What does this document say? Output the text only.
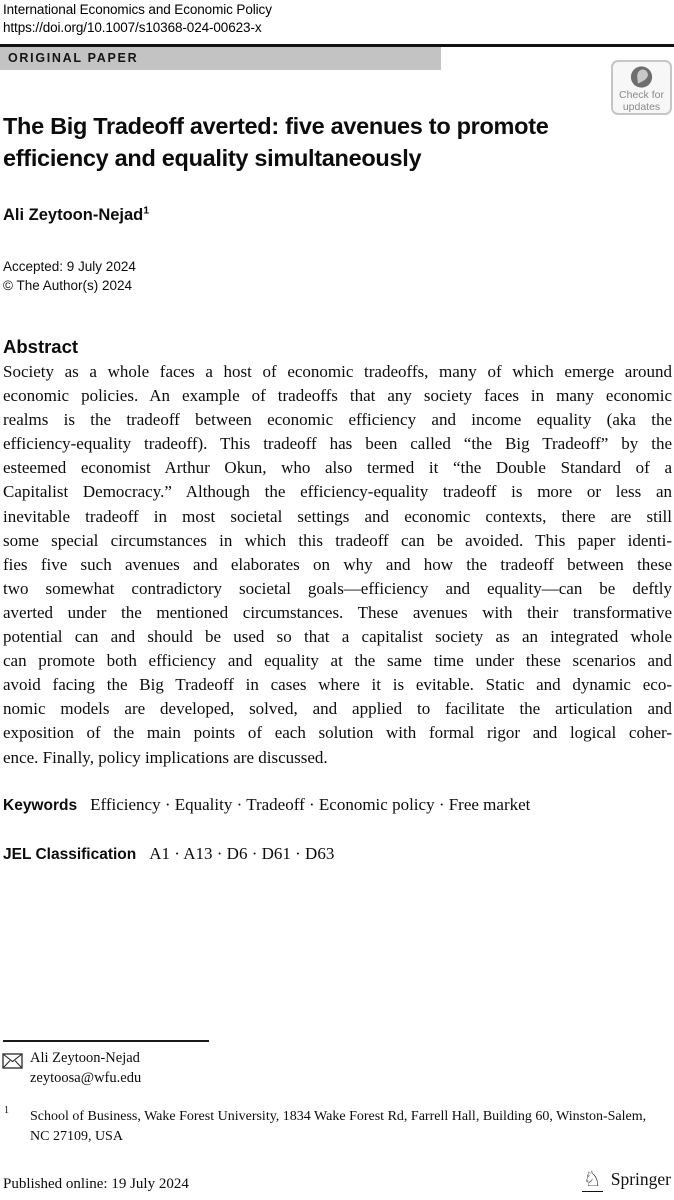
International Economics and Economic Policy
https://doi.org/10.1007/s10368-024-00623-x
ORIGINAL PAPER
Check for
updates
The Big Tradeoff averted: five avenues to promote
efficiency and equality simultaneously
Ali Zeytoon-Nejad$^1$
Accepted: 9 July 2024
© The Author(s) 2024
Abstract
Society as a whole faces a host of economic tradeoffs, many of which emerge around
economic policies. An example of tradeoffs that any society faces in many economic
realms is the tradeoff between economic efficiency and income equality (aka the
efficiency-equality tradeoff). This tradeoff has been called “the Big Tradeoff” by the
esteemed economist Arthur Okun, who also termed it “the Double Standard of a
Capitalist Democracy.” Although the efficiency-equality tradeoff is more or less an
inevitable tradeoff in most societal settings and economic contexts, there are still
some special circumstances in which this tradeoff can be avoided. This paper identi-
fies five such avenues and elaborates on why and how the tradeoff between these
two somewhat contradictory societal goals—efficiency and equality—can be deftly
averted under the mentioned circumstances. These avenues with their transformative
potential can and should be used so that a capitalist society as an integrated whole
can promote both efficiency and equality at the same time under these scenarios and
avoid facing the Big Tradeoff in cases where it is evitable. Static and dynamic eco-
nomic models are developed, solved, and applied to facilitate the articulation and
exposition of the main points of each solution with formal rigor and logical coher-
ence. Finally, policy implications are discussed.
Keywords Efficiency · Equality · Tradeoff · Economic policy · Free market
JEL Classification A1 · A13 · D6 · D61 · D63
Ali Zeytoon-Nejad
zeytoosa@wfu.edu
1 School of Business, Wake Forest University, 1834 Wake Forest Rd, Farrell Hall, Building 60, Winston-Salem, NC 27109, USA
Published online: 19 July 2024	♘ Springer
